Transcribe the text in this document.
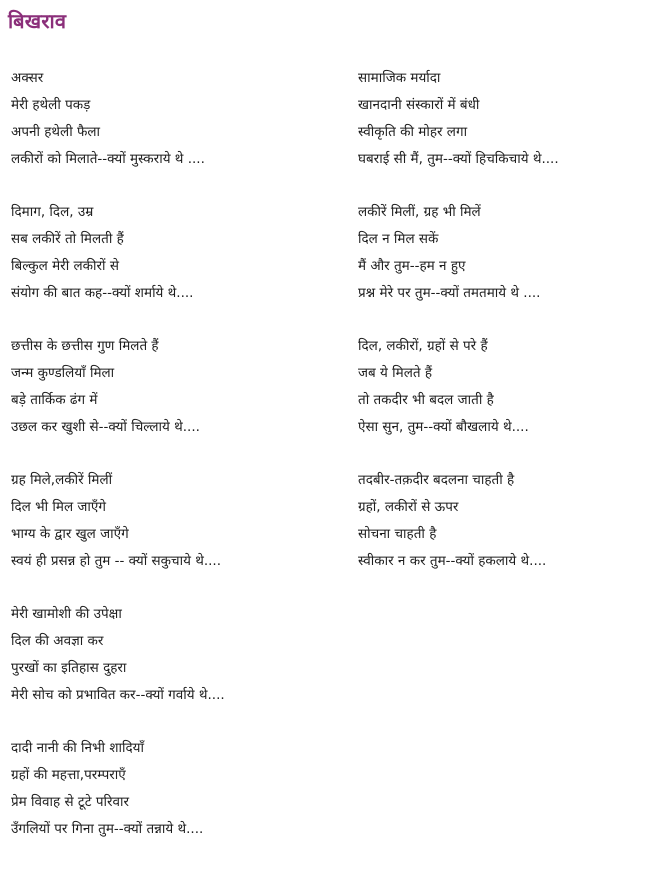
बिखराव

अक्सर

मेरी हथेली पकड़

अपनी हथेली फैला

लकीरों को मिलाते--क्यों मुस्कराये थे ....

दिमाग, दिल, उम्र

सब लकीरें तो मिलती हैं

बिल्कुल मेरी लकीरों से

संयोग की बात कह--क्यों शर्माये थे....

छत्तीस के छत्तीस गुण मिलते हैं

जन्म कुण्डलियाँ मिला

बड़े तार्किक ढंग में

उछल कर खुशी से--क्यों चिल्लाये थे....

ग्रह मिले,लकीरें मिलीं

दिल भी मिल जाएँगे

भाग्य के द्वार खुल जाएँगे

स्वयं ही प्रसन्न हो तुम -- क्यों सकुचाये थे....

मेरी खामोशी की उपेक्षा

दिल की अवज्ञा कर

पुरखों का इतिहास दुहरा

मेरी सोच को प्रभावित कर--क्यों गर्वाये थे....

दादी नानी की निभी शादियाँ

ग्रहों की महत्ता,परम्पराएँ

प्रेम विवाह से टूटे परिवार

उँगलियों पर गिना तुम--क्यों तन्नाये थे....

सामाजिक मर्यादा

खानदानी संस्कारों में बंधी

स्वीकृति की मोहर लगा

घबराई सी मैं, तुम--क्यों हिचकिचाये थे....

लकीरें मिलीं, ग्रह भी मिलें

दिल न मिल सकें

मैं और तुम--हम न हुए

प्रश्न मेरे पर तुम--क्यों तमतमाये थे ....

दिल, लकीरों, ग्रहों से परे हैं

जब ये मिलते हैं

तो तकदीर भी बदल जाती है

ऐसा सुन, तुम--क्यों बौखलाये थे....

तदबीर-तक़दीर बदलना चाहती है

ग्रहों, लकीरों से ऊपर

सोचना चाहती है

स्वीकार न कर तुम--क्यों हकलाये थे....
